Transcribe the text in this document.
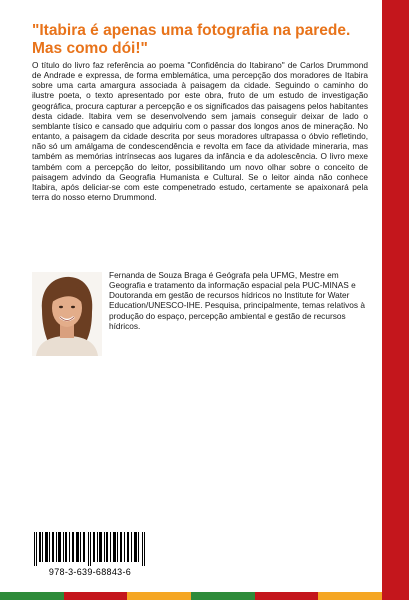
"Itabira é apenas uma fotografia na parede. Mas como dói!"

O título do livro faz referência ao poema "Confidência do Itabirano" de Carlos Drummond de Andrade e expressa, de forma emblemática, uma percepção dos moradores de Itabira sobre uma carta amargura associada à paisagem da cidade. Seguindo o caminho do ilustre poeta, o texto apresentado por este obra, fruto de um estudo de investigação geográfica, procura capturar a percepção e os significados das paisagens pelos habitantes desta cidade. Itabira vem se desenvolvendo sem jamais conseguir deixar de lado o semblante tísico e cansado que adquiriu com o passar dos longos anos de mineração. No entanto, a paisagem da cidade descrita por seus moradores ultrapassa o óbvio refletindo, não só um amálgama de condescendência e revolta em face da atividade mineraria, mas também as memórias intrínsecas aos lugares da infância e da adolescência. O livro mexe também com a percepção do leitor, possibilitando um novo olhar sobre o conceito de paisagem advindo da Geografia Humanista e Cultural. Se o leitor ainda não conhece Itabira, após deliciar-se com este compenetrado estudo, certamente se apaixonará pela terra do nosso eterno Drummond.

Fernanda de Souza Braga é Geógrafa pela UFMG, Mestre em Geografia e tratamento da informação espacial pela PUC-MINAS e Doutoranda em gestão de recursos hídricos no Institute for Water Education/UNESCO-IHE. Pesquisa, principalmente, temas relativos à produção do espaço, percepção ambiental e gestão de recursos hídricos.

978-3-639-68843-6
